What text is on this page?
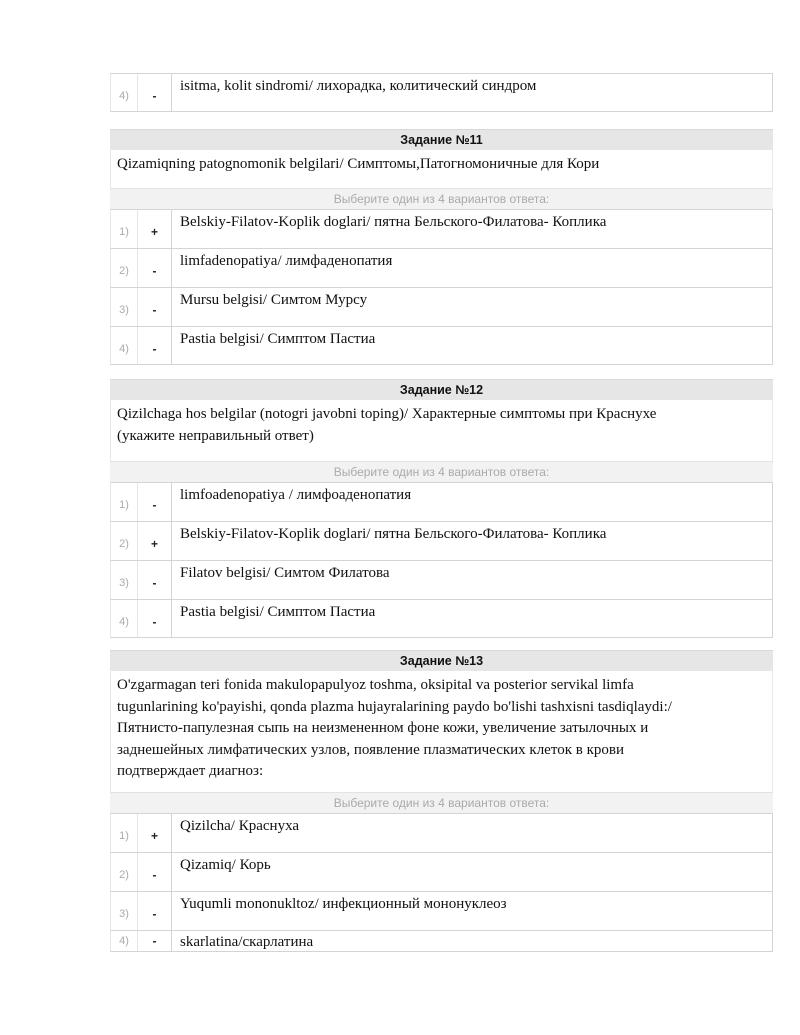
4)	-
isitma, kolit sindromi/ лихорадка, колитический синдром
Задание №11
Qizamiqning patognomonik belgilari/ Симптомы,Патогномоничные для Кори
Выберите один из 4 вариантов ответа:
1)	+
Belskiy-Filatov-Koplik doglari/ пятна Бельского-Филатова- Коплика
2)	-
limfadenopatiya/ лимфаденопатия
3)	-
Mursu belgisi/ Симтом Мурсу
4)	-
Pastia belgisi/ Симптом Пастиа
Задание №12
Qizilchaga hos belgilar (notogri javobni toping)/ Характерные симптомы при Краснухе
(укажите неправильный ответ)
Выберите один из 4 вариантов ответа:
1)	-
limfoadenopatiya / лимфоаденопатия
2)	+
Belskiy-Filatov-Koplik doglari/ пятна Бельского-Филатова- Коплика
3)	-
Filatov belgisi/ Симтом Филатова
4)	-
Pastia belgisi/ Симптом Пастиа
Задание №13
O'zgarmagan teri fonida makulopapulyoz toshma, oksipital va posterior servikal limfa
tugunlarining ko'payishi, qonda plazma hujayralarining paydo bo'lishi tashxisni tasdiqlaydi:/
Пятнисто-папулезная сыпь на неизмененном фоне кожи, увеличение затылочных и
заднешейных лимфатических узлов, появление плазматических клеток в крови
подтверждает диагноз:
Выберите один из 4 вариантов ответа:
1)	+
Qizilcha/ Краснуха
2)	-
Qizamiq/ Корь
3)	-
Yuqumli mononukltoz/ инфекционный мононуклеоз
4)	-	skarlatina/скарлатина
